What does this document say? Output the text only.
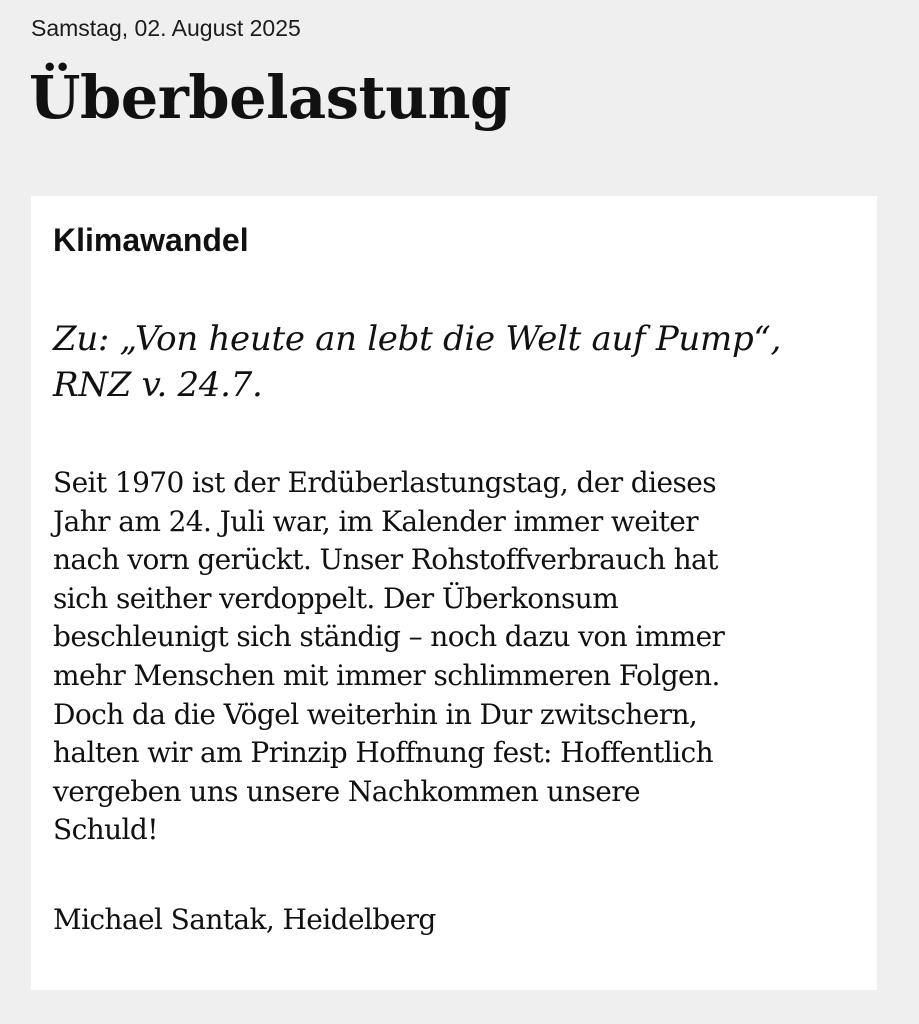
Samstag, 02. August 2025
Überbelastung
Klimawandel

Zu: „Von heute an lebt die Welt auf Pump“,
RNZ v. 24.7.

Seit 1970 ist der Erdüberlastungstag, der dieses
Jahr am 24. Juli war, im Kalender immer weiter
nach vorn gerückt. Unser Rohstoffverbrauch hat
sich seither verdoppelt. Der Überkonsum
beschleunigt sich ständig – noch dazu von immer
mehr Menschen mit immer schlimmeren Folgen.
Doch da die Vögel weiterhin in Dur zwitschern,
halten wir am Prinzip Hoffnung fest: Hoffentlich
vergeben uns unsere Nachkommen unsere
Schuld!

Michael Santak, Heidelberg
